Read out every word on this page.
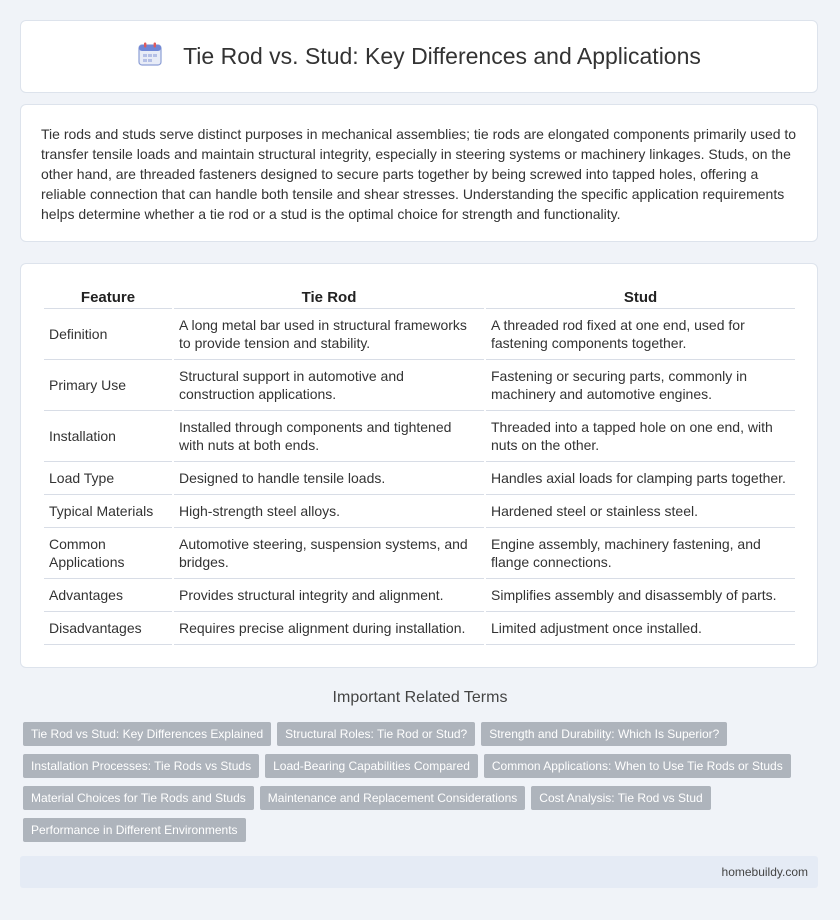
Tie Rod vs. Stud: Key Differences and Applications

Tie rods and studs serve distinct purposes in mechanical assemblies; tie rods are elongated components primarily used to transfer tensile loads and maintain structural integrity, especially in steering systems or machinery linkages. Studs, on the other hand, are threaded fasteners designed to secure parts together by being screwed into tapped holes, offering a reliable connection that can handle both tensile and shear stresses. Understanding the specific application requirements helps determine whether a tie rod or a stud is the optimal choice for strength and functionality.

Feature	Tie Rod	Stud
Definition	A long metal bar used in structural frameworks to provide tension and stability.	A threaded rod fixed at one end, used for fastening components together.
Primary Use	Structural support in automotive and construction applications.	Fastening or securing parts, commonly in machinery and automotive engines.
Installation	Installed through components and tightened with nuts at both ends.	Threaded into a tapped hole on one end, with nuts on the other.
Load Type	Designed to handle tensile loads.	Handles axial loads for clamping parts together.
Typical Materials	High-strength steel alloys.	Hardened steel or stainless steel.
Common Applications	Automotive steering, suspension systems, and bridges.	Engine assembly, machinery fastening, and flange connections.
Advantages	Provides structural integrity and alignment.	Simplifies assembly and disassembly of parts.
Disadvantages	Requires precise alignment during installation.	Limited adjustment once installed.
Important Related Terms
Tie Rod vs Stud: Key Differences Explained	Structural Roles: Tie Rod or Stud?	Strength and Durability: Which Is Superior?
Installation Processes: Tie Rods vs Studs	Load-Bearing Capabilities Compared	Common Applications: When to Use Tie Rods or Studs
Material Choices for Tie Rods and Studs	Maintenance and Replacement Considerations	Cost Analysis: Tie Rod vs Stud
Performance in Different Environments
homebuildy.com
